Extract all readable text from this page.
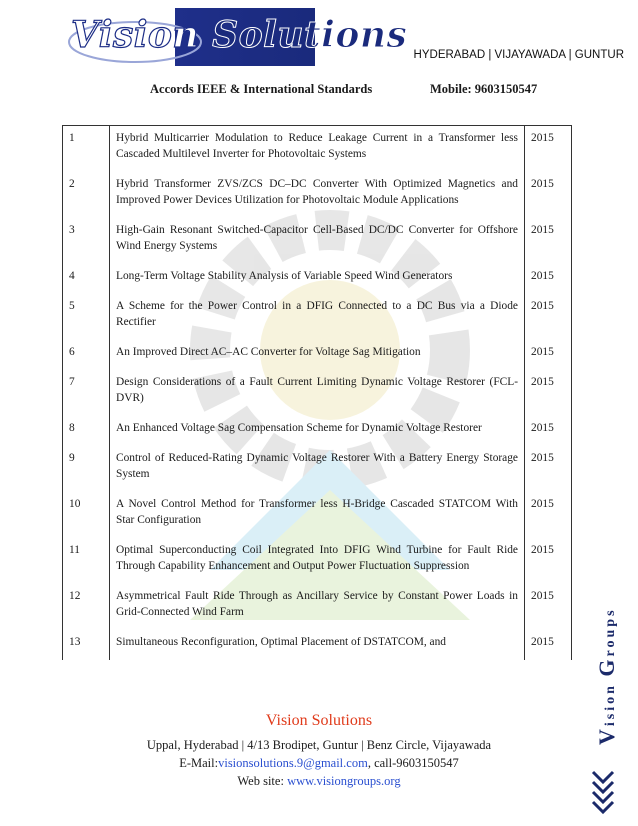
Vision Solutions HYDERABAD | VIJAYAWADA | GUNTUR
Accords IEEE & International Standards	Mobile: 9603150547
1	Hybrid Multicarrier Modulation to Reduce Leakage Current in a Transformer less Cascaded Multilevel Inverter for Photovoltaic Systems	2015
2	Hybrid Transformer ZVS/ZCS DC–DC Converter With Optimized Magnetics and Improved Power Devices Utilization for Photovoltaic Module Applications	2015
3	High-Gain Resonant Switched-Capacitor Cell-Based DC/DC Converter for Offshore Wind Energy Systems	2015
4	Long-Term Voltage Stability Analysis of Variable Speed Wind Generators	2015
5	A Scheme for the Power Control in a DFIG Connected to a DC Bus via a Diode Rectifier	2015
6	An Improved Direct AC–AC Converter for Voltage Sag Mitigation	2015
7	Design Considerations of a Fault Current Limiting Dynamic Voltage Restorer (FCL-DVR)	2015
8	An Enhanced Voltage Sag Compensation Scheme for Dynamic Voltage Restorer	2015
9	Control of Reduced-Rating Dynamic Voltage Restorer With a Battery Energy Storage System	2015
10	A Novel Control Method for Transformer less H-Bridge Cascaded STATCOM With Star Configuration	2015
11	Optimal Superconducting Coil Integrated Into DFIG Wind Turbine for Fault Ride Through Capability Enhancement and Output Power Fluctuation Suppression	2015
12	Asymmetrical Fault Ride Through as Ancillary Service by Constant Power Loads in Grid-Connected Wind Farm	2015
13	Simultaneous Reconfiguration, Optimal Placement of DSTATCOM, and	2015
Vision Groups
Vision Solutions
Uppal, Hyderabad | 4/13 Brodipet, Guntur | Benz Circle, Vijayawada
E-Mail:visionsolutions.9@gmail.com, call-9603150547
Web site: www.visiongroups.org
